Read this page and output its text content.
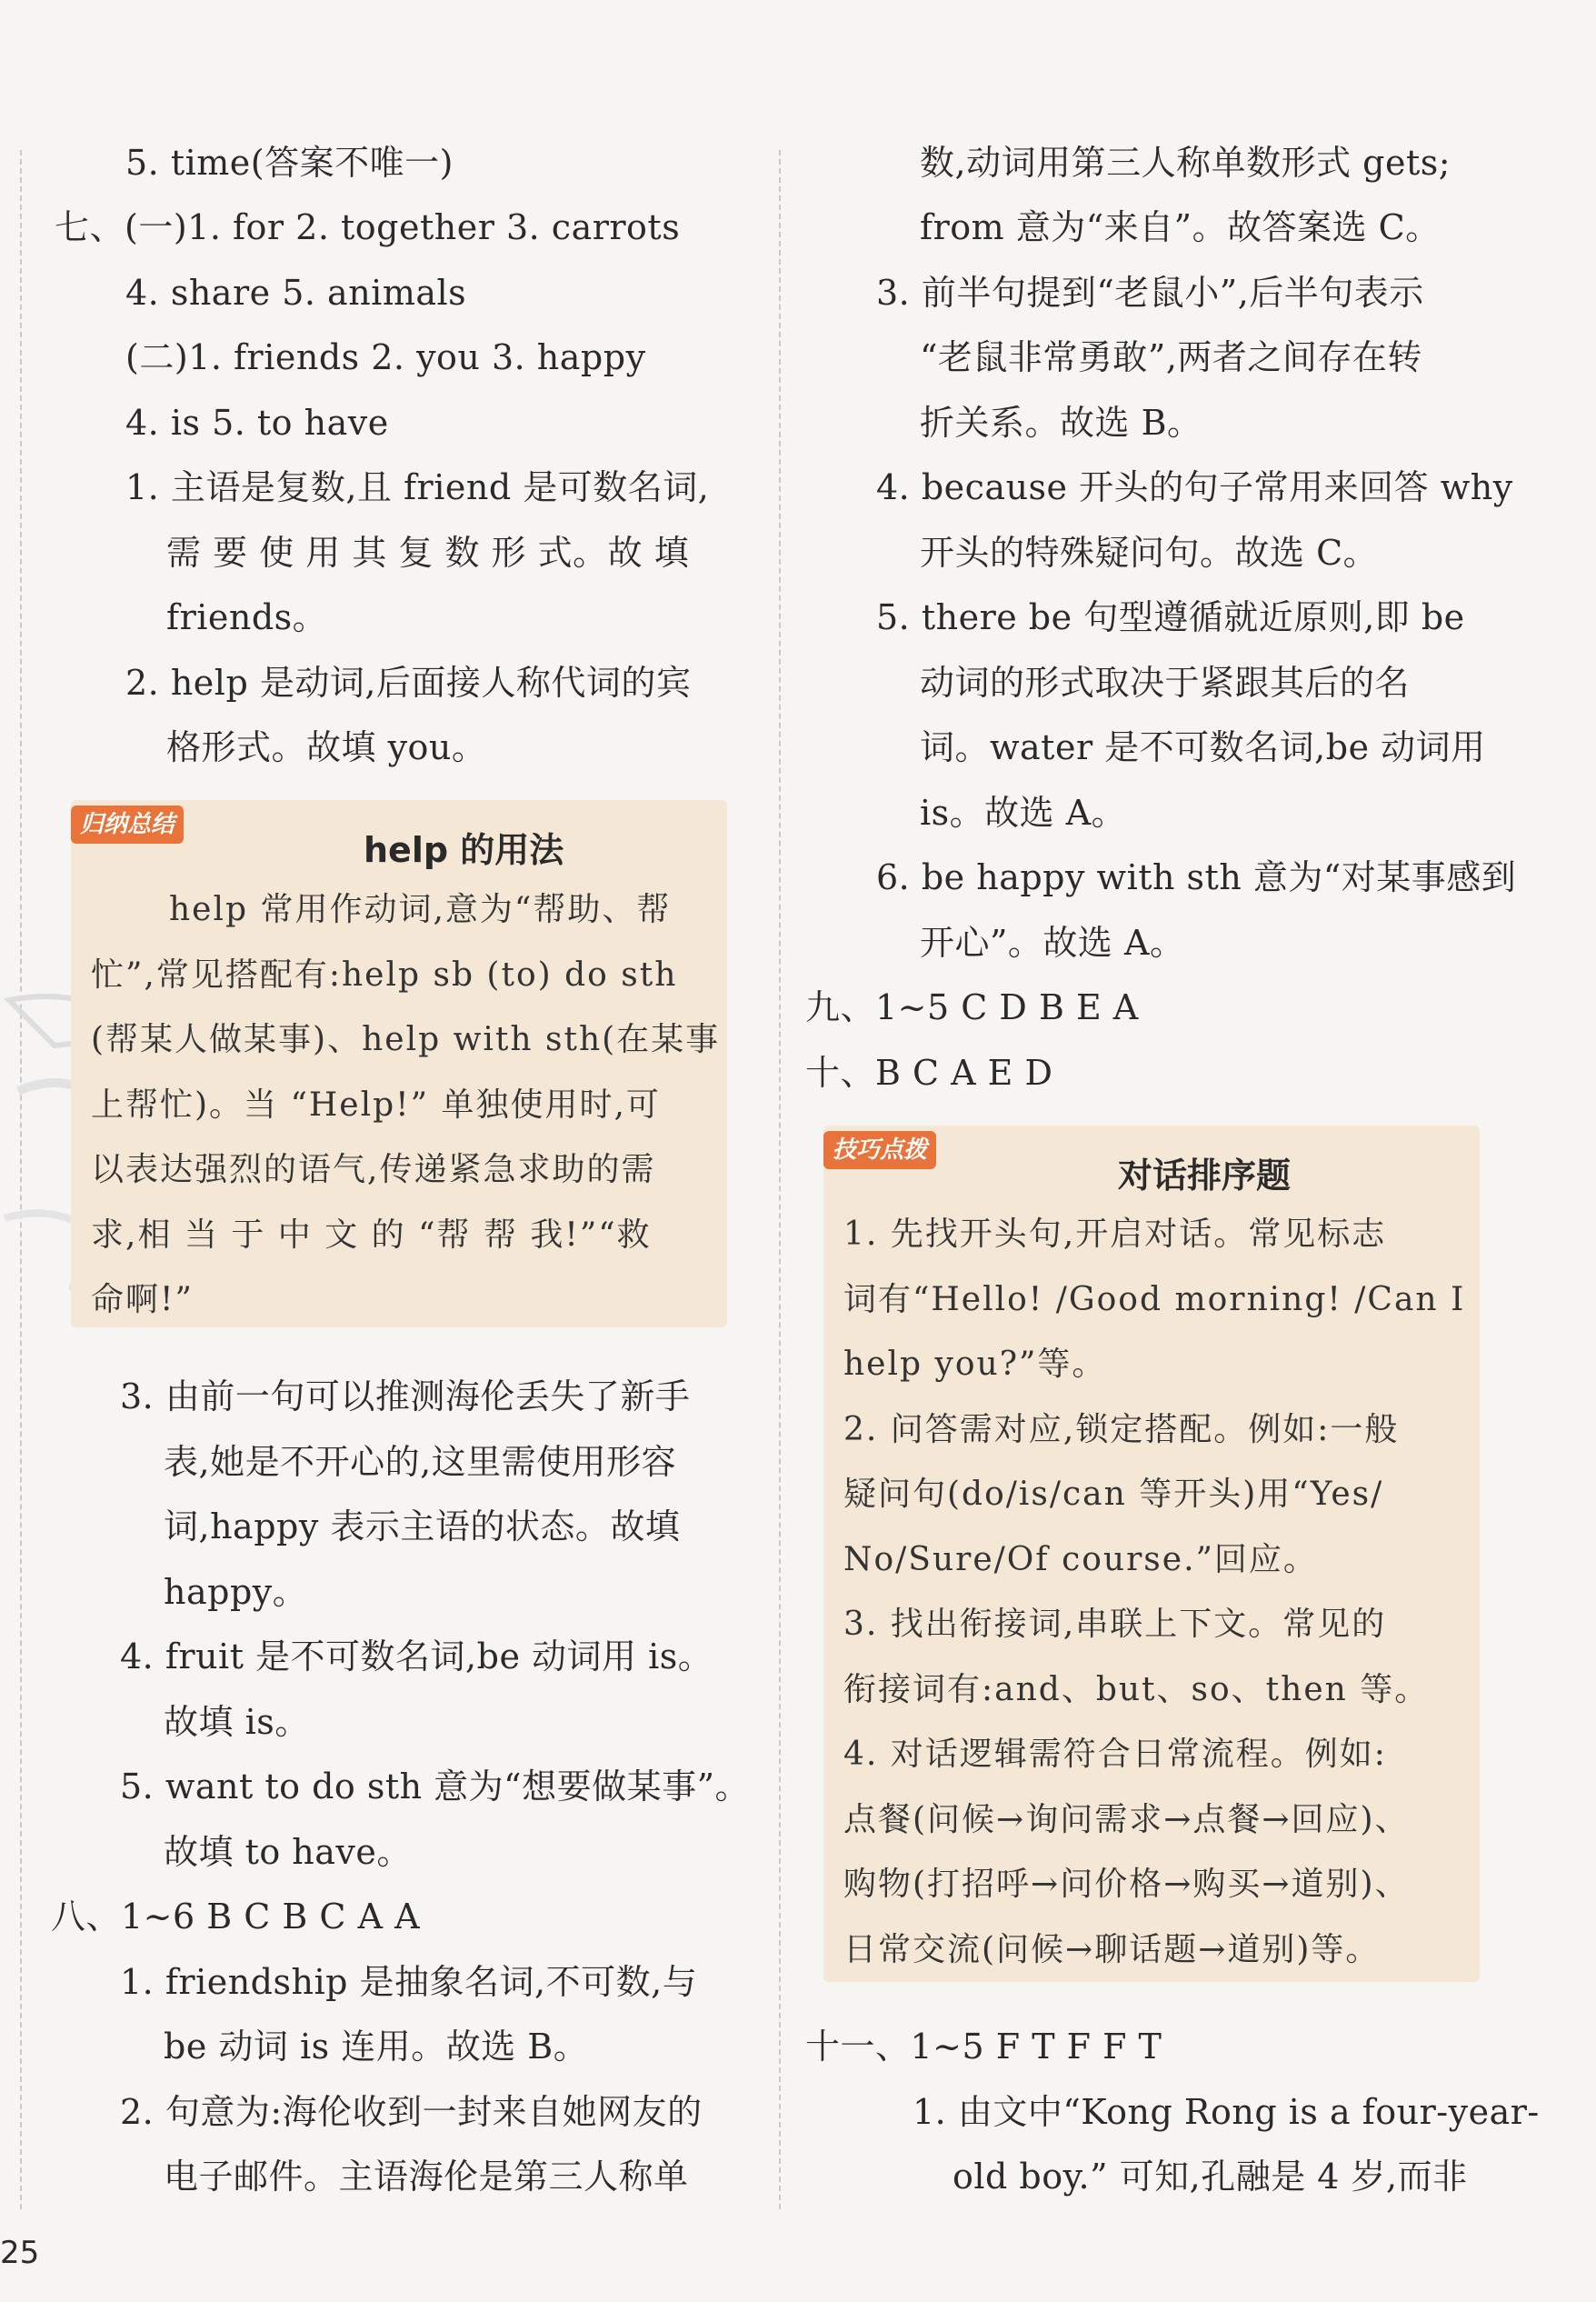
5. time(答案不唯一)
七、(一)1. for 2. together 3. carrots
4. share 5. animals
(二)1. friends 2. you 3. happy
4. is 5. to have
1. 主语是复数,且 friend 是可数名词,
需 要 使 用 其 复 数 形 式。故 填
friends。
2. help 是动词,后面接人称代词的宾
格形式。故填 you。
归纳总结
help 的用法
help 常用作动词,意为“帮助、帮
忙”,常见搭配有:help sb (to) do sth
(帮某人做某事)、help with sth(在某事
上帮忙)。当 “Help!” 单独使用时,可
以表达强烈的语气,传递紧急求助的需
求,相 当 于 中 文 的 “帮 帮 我!”“救
命啊!”
3. 由前一句可以推测海伦丢失了新手
表,她是不开心的,这里需使用形容
词,happy 表示主语的状态。故填
happy。
4. fruit 是不可数名词,be 动词用 is。
故填 is。
5. want to do sth 意为“想要做某事”。
故填 to have。
八、1~6 B C B C A A
1. friendship 是抽象名词,不可数,与
be 动词 is 连用。故选 B。
2. 句意为:海伦收到一封来自她网友的
电子邮件。主语海伦是第三人称单
数,动词用第三人称单数形式 gets;
from 意为“来自”。故答案选 C。
3. 前半句提到“老鼠小”,后半句表示
“老鼠非常勇敢”,两者之间存在转
折关系。故选 B。
4. because 开头的句子常用来回答 why
开头的特殊疑问句。故选 C。
5. there be 句型遵循就近原则,即 be
动词的形式取决于紧跟其后的名
词。water 是不可数名词,be 动词用
is。故选 A。
6. be happy with sth 意为“对某事感到
开心”。故选 A。
九、1~5 C D B E A
十、B C A E D
技巧点拨
对话排序题
1. 先找开头句,开启对话。常见标志
词有“Hello! /Good morning! /Can I
help you?”等。
2. 问答需对应,锁定搭配。例如:一般
疑问句(do/is/can 等开头)用“Yes/
No/Sure/Of course.”回应。
3. 找出衔接词,串联上下文。常见的
衔接词有:and、but、so、then 等。
4. 对话逻辑需符合日常流程。例如:
点餐(问候→询问需求→点餐→回应)、
购物(打招呼→问价格→购买→道别)、
日常交流(问候→聊话题→道别)等。
十一、1~5 F T F F T
1. 由文中“Kong Rong is a four-year-
old boy.” 可知,孔融是 4 岁,而非
25
